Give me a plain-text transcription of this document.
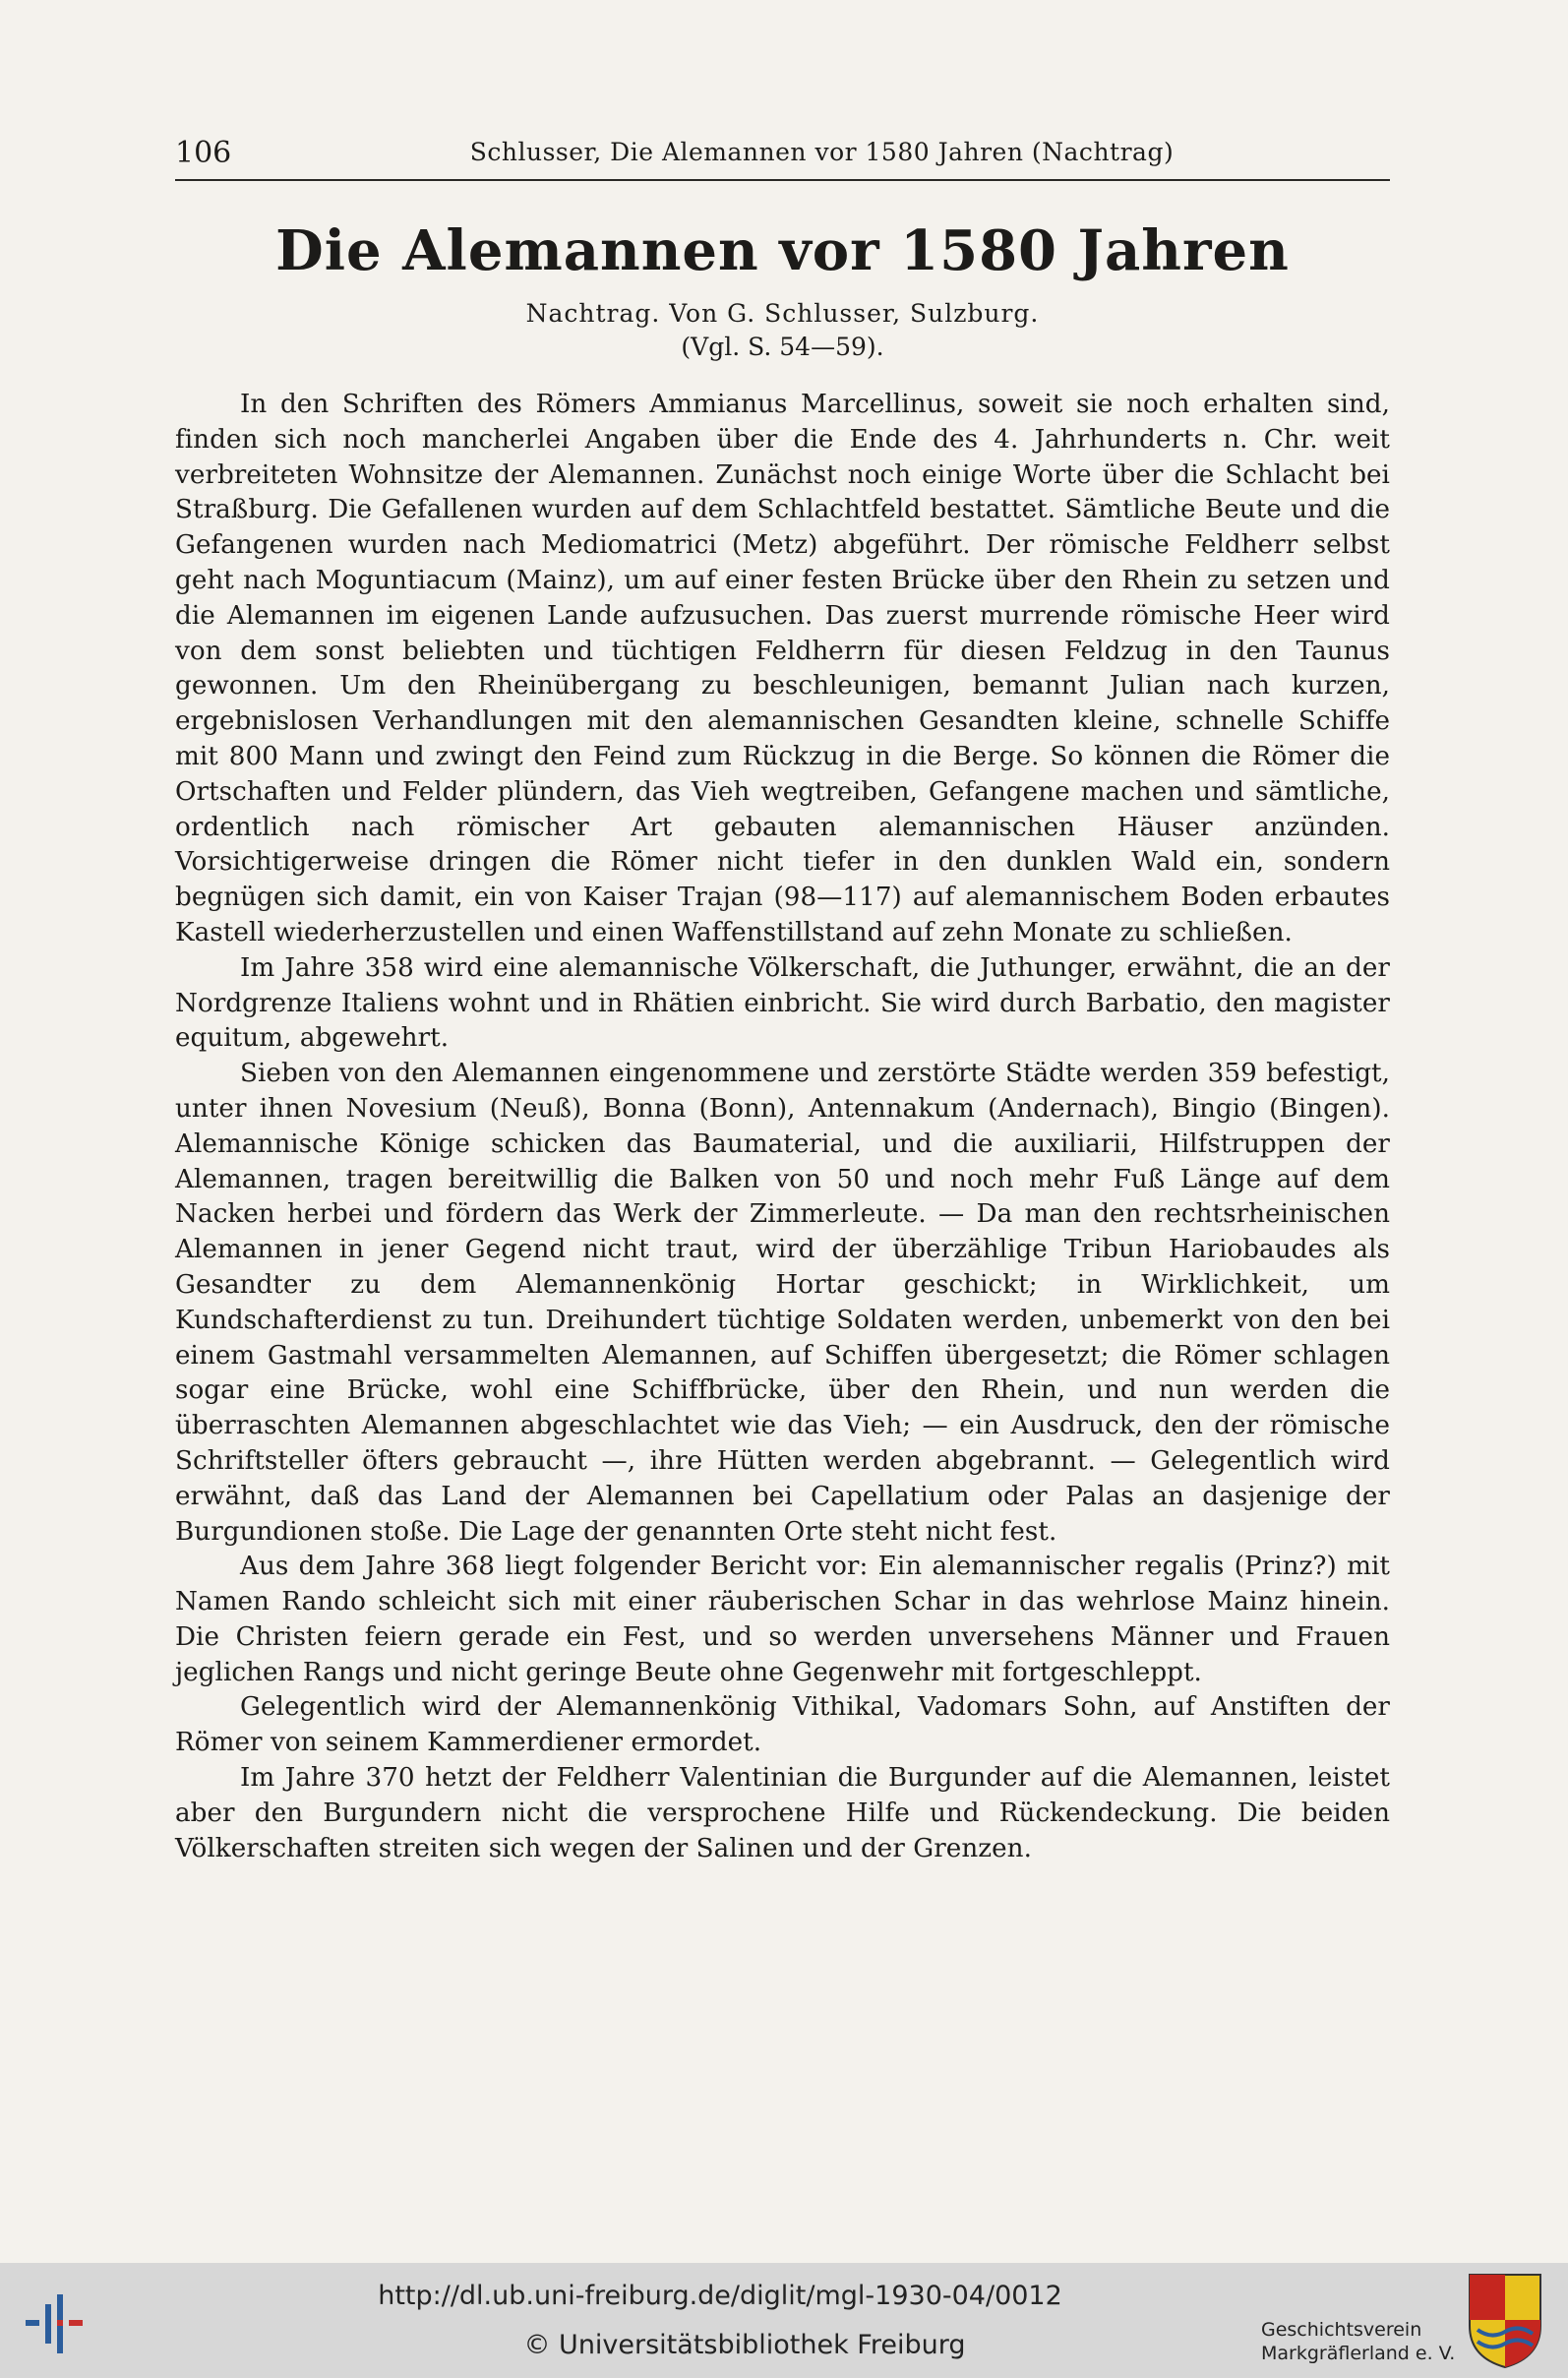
106	Schlusser, Die Alemannen vor 1580 Jahren (Nachtrag)
Die Alemannen vor 1580 Jahren
Nachtrag. Von G. Schlusser, Sulzburg.
(Vgl. S. 54—59).

In den Schriften des Römers Ammianus Marcellinus, soweit sie noch erhalten sind, finden sich noch mancherlei Angaben über die Ende des 4. Jahrhunderts n. Chr. weit verbreiteten Wohnsitze der Alemannen. Zunächst noch einige Worte über die Schlacht bei Straßburg. Die Gefallenen wurden auf dem Schlachtfeld bestattet. Sämtliche Beute und die Gefangenen wurden nach Mediomatrici (Metz) abgeführt. Der römische Feldherr selbst geht nach Moguntiacum (Mainz), um auf einer festen Brücke über den Rhein zu setzen und die Alemannen im eigenen Lande aufzusuchen. Das zuerst murrende römische Heer wird von dem sonst beliebten und tüchtigen Feldherrn für diesen Feldzug in den Taunus gewonnen. Um den Rheinübergang zu beschleunigen, bemannt Julian nach kurzen, ergebnislosen Verhandlungen mit den alemannischen Gesandten kleine, schnelle Schiffe mit 800 Mann und zwingt den Feind zum Rückzug in die Berge. So können die Römer die Ortschaften und Felder plündern, das Vieh wegtreiben, Gefangene machen und sämtliche, ordentlich nach römischer Art gebauten alemannischen Häuser anzünden. Vorsichtigerweise dringen die Römer nicht tiefer in den dunklen Wald ein, sondern begnügen sich damit, ein von Kaiser Trajan (98—117) auf alemannischem Boden erbautes Kastell wiederherzustellen und einen Waffenstillstand auf zehn Monate zu schließen.

Im Jahre 358 wird eine alemannische Völkerschaft, die Juthunger, erwähnt, die an der Nordgrenze Italiens wohnt und in Rhätien einbricht. Sie wird durch Barbatio, den magister equitum, abgewehrt.

Sieben von den Alemannen eingenommene und zerstörte Städte werden 359 befestigt, unter ihnen Novesium (Neuß), Bonna (Bonn), Antennakum (Andernach), Bingio (Bingen). Alemannische Könige schicken das Baumaterial, und die auxiliarii, Hilfstruppen der Alemannen, tragen bereitwillig die Balken von 50 und noch mehr Fuß Länge auf dem Nacken herbei und fördern das Werk der Zimmerleute. — Da man den rechtsrheinischen Alemannen in jener Gegend nicht traut, wird der überzählige Tribun Hariobaudes als Gesandter zu dem Alemannenkönig Hortar geschickt; in Wirklichkeit, um Kundschafterdienst zu tun. Dreihundert tüchtige Soldaten werden, unbemerkt von den bei einem Gastmahl versammelten Alemannen, auf Schiffen übergesetzt; die Römer schlagen sogar eine Brücke, wohl eine Schiffbrücke, über den Rhein, und nun werden die überraschten Alemannen abgeschlachtet wie das Vieh; — ein Ausdruck, den der römische Schriftsteller öfters gebraucht —, ihre Hütten werden abgebrannt. — Gelegentlich wird erwähnt, daß das Land der Alemannen bei Capellatium oder Palas an dasjenige der Burgundionen stoße. Die Lage der genannten Orte steht nicht fest.

Aus dem Jahre 368 liegt folgender Bericht vor: Ein alemannischer regalis (Prinz?) mit Namen Rando schleicht sich mit einer räuberischen Schar in das wehrlose Mainz hinein. Die Christen feiern gerade ein Fest, und so werden unversehens Männer und Frauen jeglichen Rangs und nicht geringe Beute ohne Gegenwehr mit fortgeschleppt.

Gelegentlich wird der Alemannenkönig Vithikal, Vadomars Sohn, auf Anstiften der Römer von seinem Kammerdiener ermordet.

Im Jahre 370 hetzt der Feldherr Valentinian die Burgunder auf die Alemannen, leistet aber den Burgundern nicht die versprochene Hilfe und Rückendeckung. Die beiden Völkerschaften streiten sich wegen der Salinen und der Grenzen.

http://dl.ub.uni-freiburg.de/diglit/mgl-1930-04/0012
© Universitätsbibliothek Freiburg	Geschichtsverein
Markgräflerland e. V.
